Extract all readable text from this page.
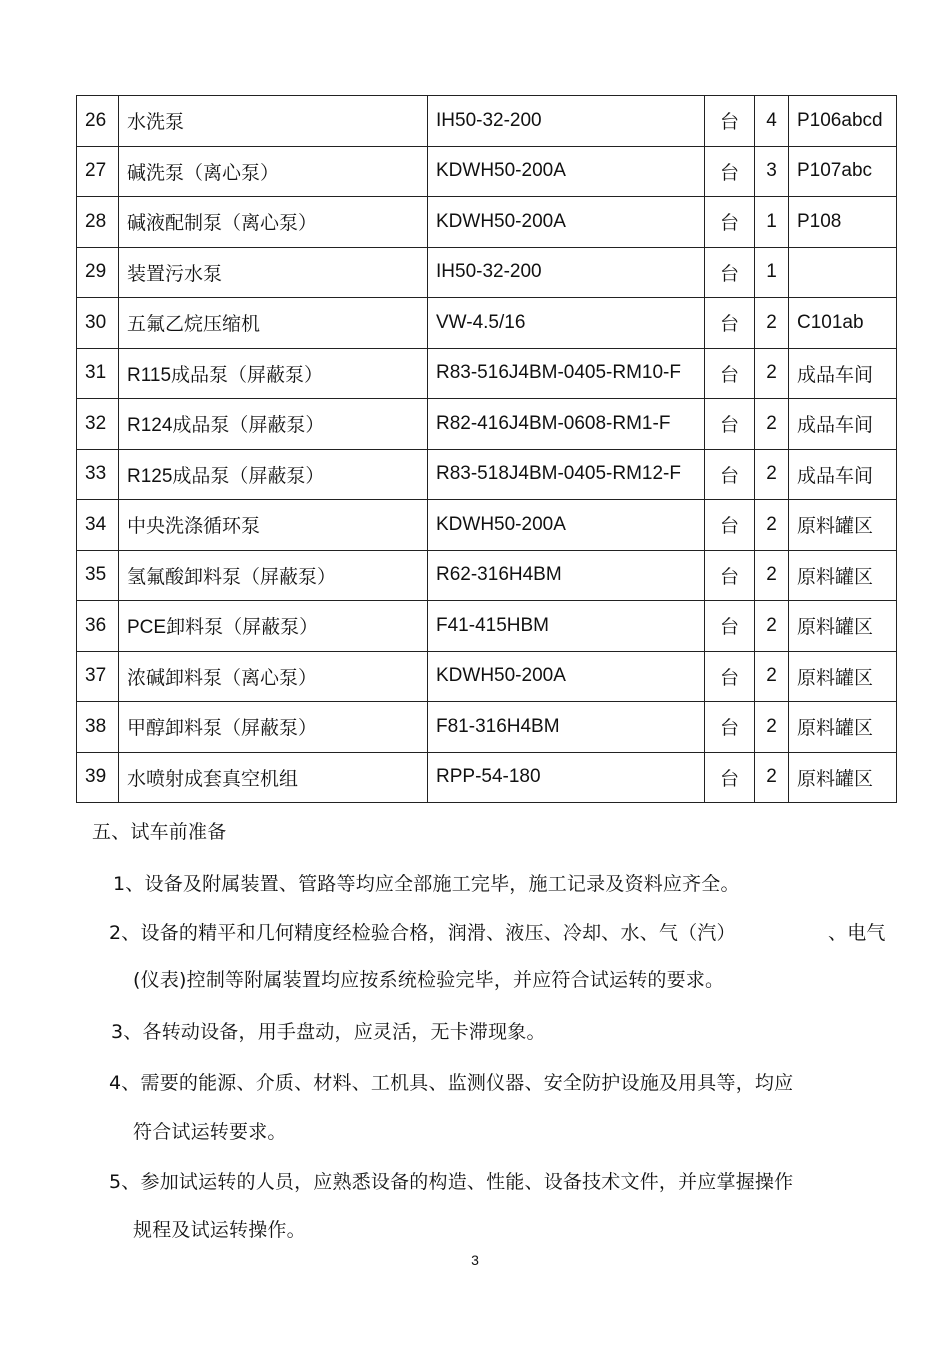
26	水洗泵	IH50-32-200	台	4	P106abcd
27	碱洗泵（离心泵）	KDWH50-200A	台	3	P107abc
28	碱液配制泵（离心泵）	KDWH50-200A	台	1	P108
29	装置污水泵	IH50-32-200	台	1	
30	五氟乙烷压缩机	VW-4.5/16	台	2	C101ab
31	R115成品泵（屏蔽泵）	R83-516J4BM-0405-RM10-F	台	2	成品车间
32	R124成品泵（屏蔽泵）	R82-416J4BM-0608-RM1-F	台	2	成品车间
33	R125成品泵（屏蔽泵）	R83-518J4BM-0405-RM12-F	台	2	成品车间
34	中央洗涤循环泵	KDWH50-200A	台	2	原料罐区
35	氢氟酸卸料泵（屏蔽泵）	R62-316H4BM	台	2	原料罐区
36	PCE卸料泵（屏蔽泵）	F41-415HBM	台	2	原料罐区
37	浓碱卸料泵（离心泵）	KDWH50-200A	台	2	原料罐区
38	甲醇卸料泵（屏蔽泵）	F81-316H4BM	台	2	原料罐区
39	水喷射成套真空机组	RPP-54-180	台	2	原料罐区
五、试车前准备
1、设备及附属装置、管路等均应全部施工完毕，施工记录及资料应齐全。
2、设备的精平和几何精度经检验合格，润滑、液压、冷却、水、气（汽）	、电气
(仪表)控制等附属装置均应按系统检验完毕，并应符合试运转的要求。
3、各转动设备，用手盘动，应灵活，无卡滞现象。
4、需要的能源、介质、材料、工机具、监测仪器、安全防护设施及用具等，均应
符合试运转要求。
5、参加试运转的人员，应熟悉设备的构造、性能、设备技术文件，并应掌握操作
规程及试运转操作。
3
